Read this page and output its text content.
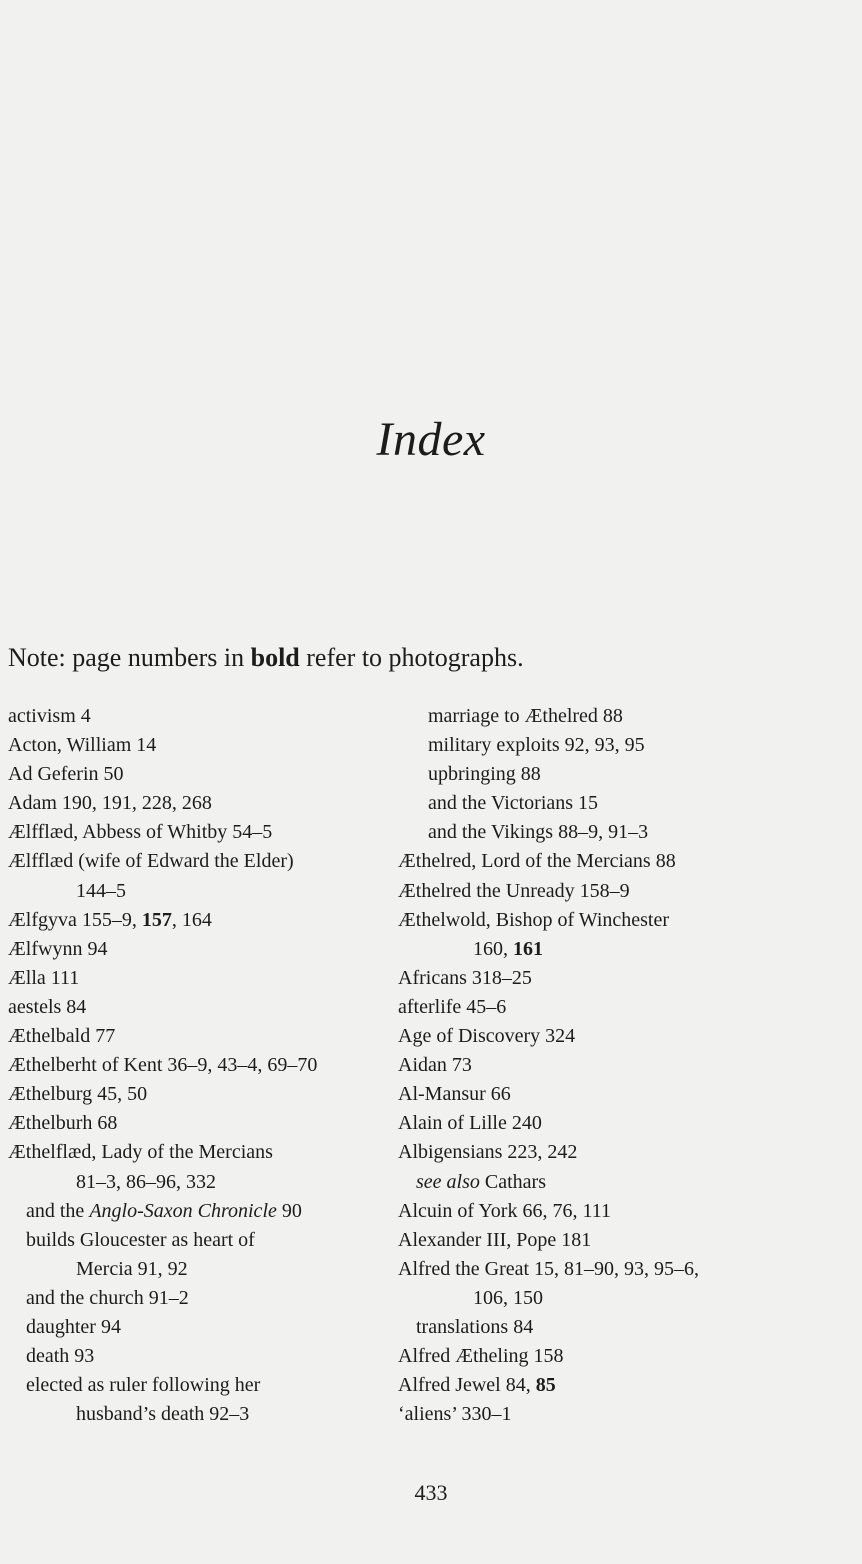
Index
Note: page numbers in bold refer to photographs.
activism 4
Acton, William 14
Ad Geferin 50
Adam 190, 191, 228, 268
Ælfflæd, Abbess of Whitby 54–5
Ælfflæd (wife of Edward the Elder)
144–5
Ælfgyva 155–9, 157, 164
Ælfwynn 94
Ælla 111
aestels 84
Æthelbald 77
Æthelberht of Kent 36–9, 43–4, 69–70
Æthelburg 45, 50
Æthelburh 68
Æthelflæd, Lady of the Mercians
81–3, 86–96, 332
and the Anglo-Saxon Chronicle 90
builds Gloucester as heart of
Mercia 91, 92
and the church 91–2
daughter 94
death 93
elected as ruler following her
husband’s death 92–3
marriage to Æthelred 88
military exploits 92, 93, 95
upbringing 88
and the Victorians 15
and the Vikings 88–9, 91–3
Æthelred, Lord of the Mercians 88
Æthelred the Unready 158–9
Æthelwold, Bishop of Winchester
160, 161
Africans 318–25
afterlife 45–6
Age of Discovery 324
Aidan 73
Al-Mansur 66
Alain of Lille 240
Albigensians 223, 242
see also Cathars
Alcuin of York 66, 76, 111
Alexander III, Pope 181
Alfred the Great 15, 81–90, 93, 95–6,
106, 150
translations 84
Alfred Ætheling 158
Alfred Jewel 84, 85
‘aliens’ 330–1
433
